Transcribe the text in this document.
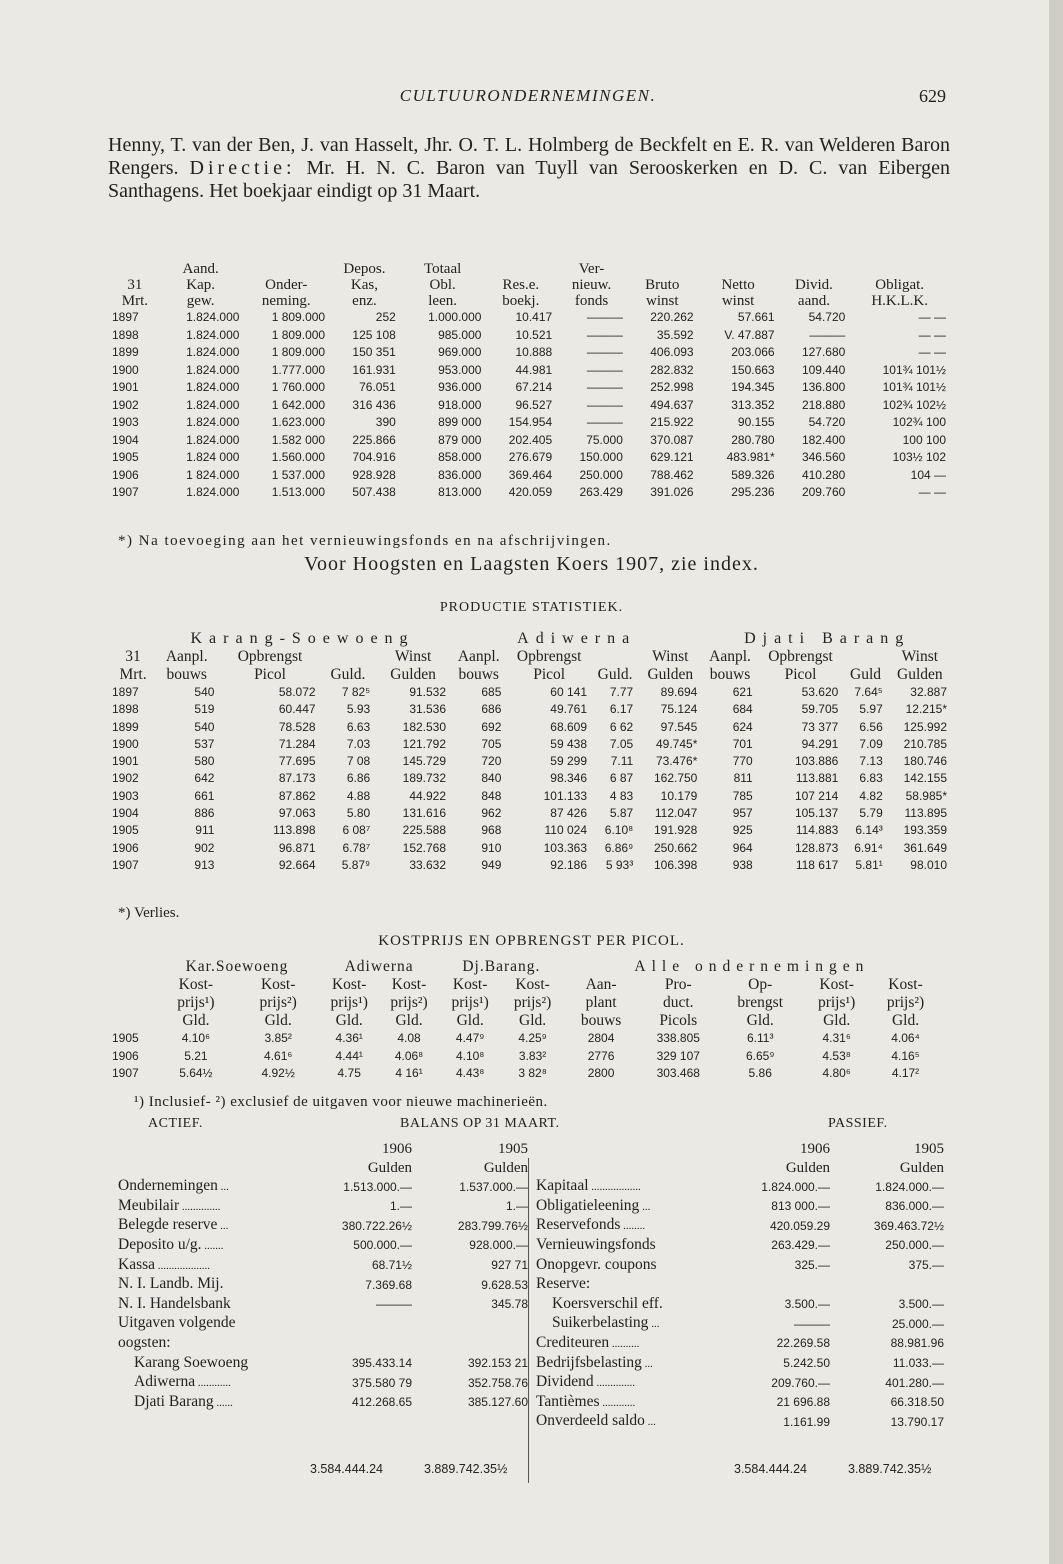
CULTUURONDERNEMINGEN.	629
Henny, T. van der Ben, J. van Hasselt, Jhr. O. T. L. Holmberg de Beckfelt en E. R. van Welderen Baron Rengers. Directie: Mr. H. N. C. Baron van Tuyll van Serooskerken en D. C. van Eibergen Santhagens. Het boekjaar eindigt op 31 Maart.
	Aand.		Depos.	Totaal		Ver-				
31	Kap.	Onder-	Kas,	Obl.	Res.e.	nieuw.	Bruto	Netto	Divid.	Obligat.
Mrt.	gew.	neming.	enz.	leen.	boekj.	fonds	winst	winst	aand.	H.K.L.K.
1897	1.824.000	1 809.000	252	1.000.000	10.417	———	220.262	57.661	54.720	— —
1898	1.824.000	1 809.000	125 108	985.000	10.521	———	35.592	V. 47.887	———	— —
1899	1.824.000	1 809.000	150 351	969.000	10.888	———	406.093	203.066	127.680	— —
1900	1.824.000	1.777.000	161.931	953.000	44.981	———	282.832	150.663	109.440	101¾ 101½
1901	1.824.000	1 760.000	76.051	936.000	67.214	———	252.998	194.345	136.800	101¾ 101½
1902	1.824.000	1 642.000	316 436	918.000	96.527	———	494.637	313.352	218.880	102¾ 102½
1903	1.824.000	1.623.000	390	899 000	154.954	———	215.922	90.155	54.720	102¾ 100
1904	1.824.000	1.582 000	225.866	879 000	202.405	75.000	370.087	280.780	182.400	100 100
1905	1.824 000	1.560.000	704.916	858.000	276.679	150.000	629.121	483.981*	346.560	103½ 102
1906	1 824.000	1 537.000	928.928	836.000	369.464	250.000	788.462	589.326	410.280	104 —
1907	1.824.000	1.513.000	507.438	813.000	420.059	263.429	391.026	295.236	209.760	— —
*) Na toevoeging aan het vernieuwingsfonds en na afschrijvingen.
Voor Hoogsten en Laagsten Koers 1907, zie index.
PRODUCTIE STATISTIEK.
	Karang-Soewoeng				Adiwerna				Djati Barang			
31	Aanpl.	Opbrengst		Winst	Aanpl.	Opbrengst		Winst	Aanpl.	Opbrengst		Winst
Mrt.	bouws	Picol	Guld.	Gulden	bouws	Picol	Guld.	Gulden	bouws	Picol	Guld	Gulden
1897	540	58.072	7 82⁵	91.532	685	60 141	7.77	89.694	621	53.620	7.64⁵	32.887
1898	519	60.447	5.93	31.536	686	49.761	6.17	75.124	684	59.705	5.97	12.215*
1899	540	78.528	6.63	182.530	692	68.609	6 62	97.545	624	73 377	6.56	125.992
1900	537	71.284	7.03	121.792	705	59 438	7.05	49.745*	701	94.291	7.09	210.785
1901	580	77.695	7 08	145.729	720	59 299	7.11	73.476*	770	103.886	7.13	180.746
1902	642	87.173	6.86	189.732	840	98.346	6 87	162.750	811	113.881	6.83	142.155
1903	661	87.862	4.88	44.922	848	101.133	4 83	10.179	785	107 214	4.82	58.985*
1904	886	97.063	5.80	131.616	962	87 426	5.87	112.047	957	105.137	5.79	113.895
1905	911	113.898	6 08⁷	225.588	968	110 024	6.10⁸	191.928	925	114.883	6.14³	193.359
1906	902	96.871	6.78⁷	152.768	910	103.363	6.86⁹	250.662	964	128.873	6.91⁴	361.649
1907	913	92.664	5.87⁹	33.632	949	92.186	5 93³	106.398	938	118 617	5.81¹	98.010
*) Verlies.
KOSTPRIJS EN OPBRENGST PER PICOL.
	Kar.Soewoeng		Adiwerna		Dj.Barang.		Alle ondernemingen				
	Kost-	Kost-	Kost-	Kost-	Kost-	Kost-	Aan-	Pro-	Op-	Kost-	Kost-
	prijs¹)	prijs²)	prijs¹)	prijs²)	prijs¹)	prijs²)	plant	duct.	brengst	prijs¹)	prijs²)
	Gld.	Gld.	Gld.	Gld.	Gld.	Gld.	bouws	Picols	Gld.	Gld.	Gld.
1905	4.10⁶	3.85²	4.36¹	4.08	4.47⁹	4.25⁹	2804	338.805	6.11³	4.31⁶	4.06⁴
1906	5.21	4.61⁶	4.44¹	4.06⁸	4.10⁸	3.83²	2776	329 107	6.65⁹	4.53⁸	4.16⁵
1907	5.64½	4.92½	4.75	4 16¹	4.43⁸	3 82⁸	2800	303.468	5.86	4.80⁶	4.17²
¹) Inclusief- ²) exclusief de uitgaven voor nieuwe machinerieën.
ACTIEF.	BALANS OP 31 MAART.	PASSIEF.
	1906	1905
	Gulden	Gulden
Ondernemingen ...	1.513.000.—	1.537.000.—
Meubilair ..............	1.—	1.—
Belegde reserve ...	380.722.26½	283.799.76½
Deposito u/g. .......	500.000.—	928.000.—
Kassa ...................	68.71½	927 71
N. I. Landb. Mij.	7.369.68	9.628.53
N. I. Handelsbank	———	345.78
Uitgaven volgende		
oogsten:		
Karang Soewoeng	395.433.14	392.153 21
Adiwerna ............	375.580 79	352.758.76
Djati Barang ......	412.268.65	385.127.60
	1906	1905
	Gulden	Gulden
Kapitaal ..................	1.824.000.—	1.824.000.—
Obligatieleening ...	813 000.—	836.000.—
Reservefonds ........	420.059.29	369.463.72½
Vernieuwingsfonds	263.429.—	250.000.—
Onopgevr. coupons	325.—	375.—
Reserve:		
Koersverschil eff.	3.500.—	3.500.—
Suikerbelasting ...	———	25.000.—
Crediteuren ..........	22.269.58	88.981.96
Bedrijfsbelasting ...	5.242.50	11.033.—
Dividend ..............	209.760.—	401.280.—
Tantièmes ............	21 696.88	66.318.50
Onverdeeld saldo ...	1.161.99	13.790.17
3.584.444.24	3.889.742.35½	3.584.444.24	3.889.742.35½
